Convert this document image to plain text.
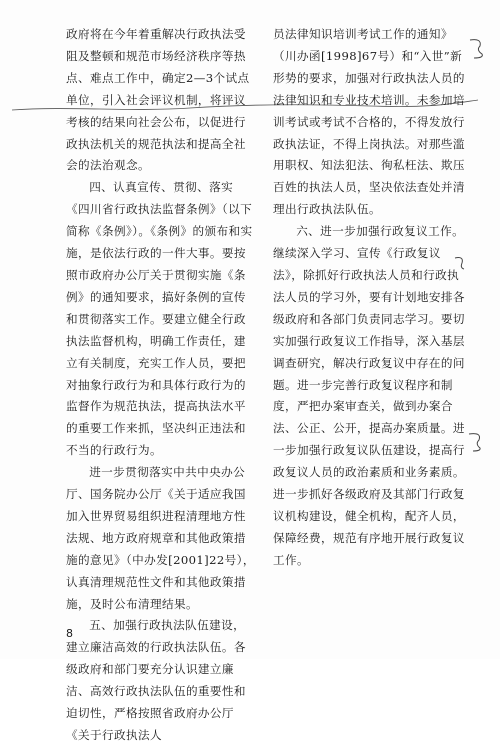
政府将在今年着重解决行政执法受阻及整顿和规范市场经济秩序等热点、难点工作中，确定2—3个试点单位，引入社会评议机制，将评议考核的结果向社会公布，以促进行政执法机关的规范执法和提高全社会的法治观念。

四、认真宣传、贯彻、落实《四川省行政执法监督条例》（以下简称《条例》）。《条例》的颁布和实施，是依法行政的一件大事。要按照市政府办公厅关于贯彻实施《条例》的通知要求，搞好条例的宣传和贯彻落实工作。要建立健全行政执法监督机构，明确工作责任，建立有关制度，充实工作人员，要把对抽象行政行为和具体行政行为的监督作为规范执法，提高执法水平的重要工作来抓，坚决纠正违法和不当的行政行为。

进一步贯彻落实中共中央办公厅、国务院办公厅《关于适应我国加入世界贸易组织进程清理地方性法规、地方政府规章和其他政策措施的意见》（中办发[2001]22号），认真清理规范性文件和其他政策措施，及时公布清理结果。

五、加强行政执法队伍建设，建立廉洁高效的行政执法队伍。各级政府和部门要充分认识建立廉洁、高效行政执法队伍的重要性和迫切性，严格按照省政府办公厅《关于行政执法人

员法律知识培训考试工作的通知》（川办函[1998]67号）和“入世”新形势的要求，加强对行政执法人员的法律知识和专业技术培训。未参加培训考试或考试不合格的，不得发放行政执法证，不得上岗执法。对那些滥用职权、知法犯法、徇私枉法、欺压百姓的执法人员，坚决依法查处并清理出行政执法队伍。

六、进一步加强行政复议工作。继续深入学习、宣传《行政复议法》，除抓好行政执法人员和行政执法人员的学习外，要有计划地安排各级政府和各部门负责同志学习。要切实加强行政复议工作指导，深入基层调查研究，解决行政复议中存在的问题。进一步完善行政复议程序和制度，严把办案审查关，做到办案合法、公正、公开，提高办案质量。进一步加强行政复议队伍建设，提高行政复议人员的政治素质和业务素质。进一步抓好各级政府及其部门行政复议机构建设，健全机构，配齐人员，保障经费，规范有序地开展行政复议工作。

8
